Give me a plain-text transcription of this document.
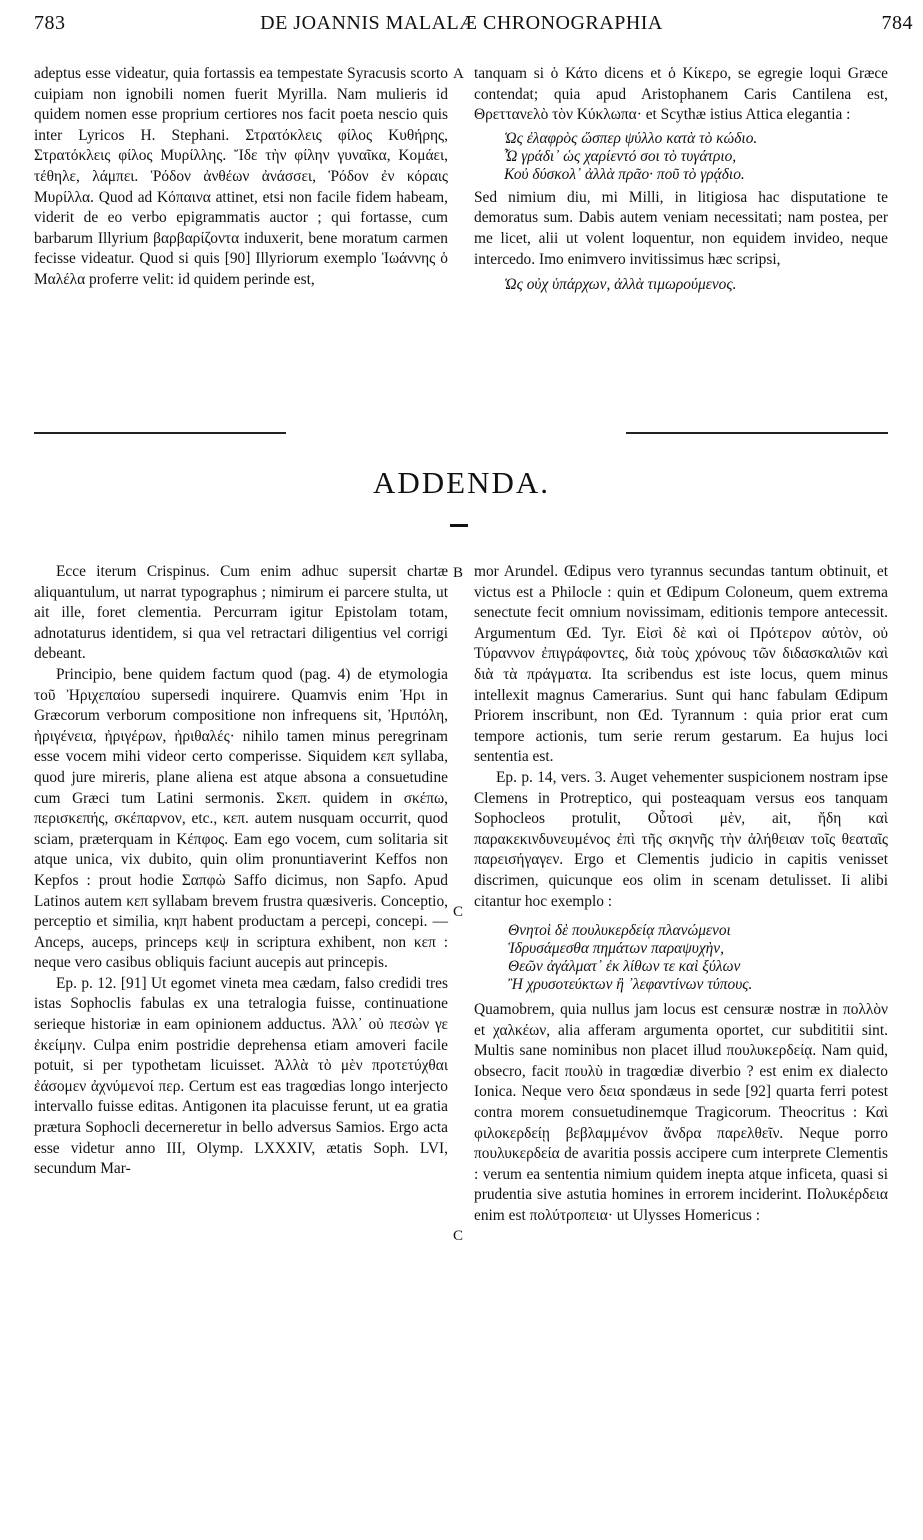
783	DE JOANNIS MALALÆ CHRONOGRAPHIA	784
A

adeptus esse videatur, quia fortassis ea tempestate Syracusis scorto cuipiam non ignobili nomen fuerit Myrilla. Nam mulieris id quidem nomen esse proprium certiores nos facit poeta nescio quis inter Lyricos H. Stephani. Στρατόκλεις φίλος Κυθήρης, Στρατόκλεις φίλος Μυρίλλης. Ἴδε τὴν φίλην γυναῖκα, Κομάει, τέθηλε, λάμπει. Ῥόδον ἀνθέων ἀνάσσει, Ῥόδον ἐν κόραις Μυρίλλα. Quod ad Κόπαινα attinet, etsi non facile fidem habeam, viderit de eo verbo epigrammatis auctor ; qui fortasse, cum barbarum Illyrium βαρβαρίζοντα induxerit, bene moratum carmen fecisse videatur. Quod si quis [90] Illyriorum exemplo Ἰωάννης ὁ Μαλέλα proferre velit: id quidem perinde est,

tanquam si ὁ Κάτο dicens et ὁ Κίκερο, se egregie loqui Græce contendat; quia apud Aristophanem Caris Cantilena est, Θρεττανελὸ τὸν Κύκλωπα· et Scythæ istius Attica elegantia :

Ὡς ἐλαφρὸς ὥσπερ ψύλλο κατὰ τὸ κώδιο.
Ὦ γράδι᾽ ὡς χαρίεντό σοι τὸ τυγάτριο,
Κοὐ δύσκολ᾽ ἀλλὰ πρᾶο· ποῦ τὸ γρᾴδιο.

Sed nimium diu, mi Milli, in litigiosa hac disputatione te demoratus sum. Dabis autem veniam necessitati; nam postea, per me licet, alii ut volent loquentur, non equidem invideo, neque intercedo. Imo enimvero invitissimus hæc scripsi,

Ὡς οὐχ ὑπάρχων, ἀλλὰ τιμωρούμενος.
ADDENDA.
B
C
C

Ecce iterum Crispinus. Cum enim adhuc supersit chartæ aliquantulum, ut narrat typographus ; nimirum ei parcere stulta, ut ait ille, foret clementia. Percurram igitur Epistolam totam, adnotaturus identidem, si qua vel retractari diligentius vel corrigi debeant.

Principio, bene quidem factum quod (pag. 4) de etymologia τοῦ Ἠριχεπαίου supersedi inquirere. Quamvis enim Ἠρι in Græcorum verborum compositione non infrequens sit, Ἠριπόλη, ἠριγένεια, ἠριγέρων, ἠριθαλές· nihilo tamen minus peregrinam esse vocem mihi videor certo comperisse. Siquidem κεπ syllaba, quod jure mireris, plane aliena est atque absona a consuetudine cum Græci tum Latini sermonis. Σκεπ. quidem in σκέπω, περισκεπής, σκέπαρνον, etc., κεπ. autem nusquam occurrit, quod sciam, præterquam in Κέπφος. Eam ego vocem, cum solitaria sit atque unica, vix dubito, quin olim pronuntiaverint Keffos non Kepfos : prout hodie Σαπφὼ Saffo dicimus, non Sapfo. Apud Latinos autem κεπ syllabam brevem frustra quæsiveris. Conceptio, perceptio et similia, κηπ habent productam a percepi, concepi. — Anceps, auceps, princeps κεψ in scriptura exhibent, non κεπ : neque vero casibus obliquis faciunt aucepis aut princepis.

Ep. p. 12. [91] Ut egomet vineta mea cædam, falso credidi tres istas Sophoclis fabulas ex una tetralogia fuisse, continuatione serieque historiæ in eam opinionem adductus. Ἀλλ᾽ οὐ πεσὼν γε ἐκείμην. Culpa enim postridie deprehensa etiam amoveri facile potuit, si per typothetam licuisset. Ἀλλὰ τὸ μὲν προτετύχθαι ἐάσομεν ἀχνύμενοί περ. Certum est eas tragœdias longo interjecto intervallo fuisse editas. Antigonen ita placuisse ferunt, ut ea gratia prætura Sophocli decerneretur in bello adversus Samios. Ergo acta esse videtur anno III, Olymp. LXXXIV, ætatis Soph. LVI, secundum Mar-

mor Arundel. Œdipus vero tyrannus secundas tantum obtinuit, et victus est a Philocle : quin et Œdipum Coloneum, quem extrema senectute fecit omnium novissimam, editionis tempore antecessit. Argumentum Œd. Tyr. Εἰσὶ δὲ καὶ οἱ Πρότερον αὐτὸν, οὐ Τύραννον ἐπιγράφοντες, διὰ τοὺς χρόνους τῶν διδασκαλιῶν καὶ διὰ τὰ πράγματα. Ita scribendus est iste locus, quem minus intellexit magnus Camerarius. Sunt qui hanc fabulam Œdipum Priorem inscribunt, non Œd. Tyrannum : quia prior erat cum tempore actionis, tum serie rerum gestarum. Ea hujus loci sententia est.

Ep. p. 14, vers. 3. Auget vehementer suspicionem nostram ipse Clemens in Protreptico, qui posteaquam versus eos tanquam Sophocleos protulit, Οὗτοσὶ μὲν, ait, ἤδη καὶ παρακεκινδυνευμένος ἐπὶ τῆς σκηνῆς τὴν ἀλήθειαν τοῖς θεαταῖς παρεισήγαγεν. Ergo et Clementis judicio in capitis venisset discrimen, quicunque eos olim in scenam detulisset. Ii alibi citantur hoc exemplo :

Θνητοὶ δὲ πουλυκερδείᾳ πλανώμενοι
Ἱδρυσάμεσθα πημάτων παραψυχὴν,
Θεῶν ἀγάλματ᾽ ἐκ λίθων τε καὶ ξύλων
Ἢ χρυσοτεύκτων ἢ ᾽λεφαντίνων τύπους.

Quamobrem, quia nullus jam locus est censuræ nostræ in πολλὸν et χαλκέων, alia afferam argumenta oportet, cur subdititii sint. Multis sane nominibus non placet illud πουλυκερδείᾳ. Nam quid, obsecro, facit πουλὺ in tragœdiæ diverbio ? est enim ex dialecto Ionica. Neque vero δεια spondæus in sede [92] quarta ferri potest contra morem consuetudinemque Tragicorum. Theocritus : Καὶ φιλοκερδείῃ βεβλαμμένον ἄνδρα παρελθεῖν. Neque porro πουλυκερδεία de avaritia possis accipere cum interprete Clementis : verum ea sententia nimium quidem inepta atque inficeta, quasi si prudentia sive astutia homines in errorem inciderint. Πολυκέρδεια enim est πολύτροπεια· ut Ulysses Homericus :
